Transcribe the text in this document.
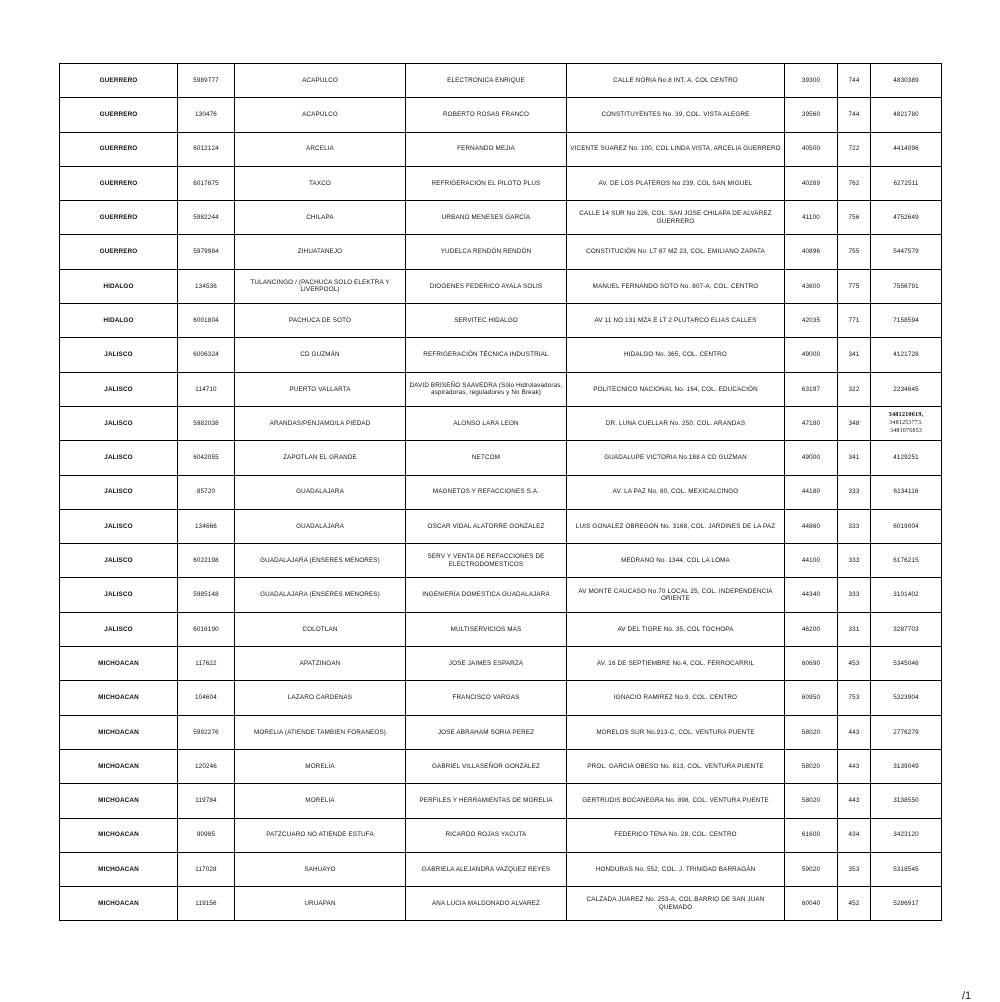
GUERRERO	5989777	ACAPULCO	ELECTRONICA ENRIQUE	CALLE NORIA No.8 INT. A, COL CENTRO	39300	744	4830389
GUERRERO	130476	ACAPULCO	ROBERTO ROSAS FRANCO	CONSTITUYENTES No. 39, COL. VISTA ALEGRE	39560	744	4821780
GUERRERO	6012124	ARCELIA	FERNANDO MEJIA	VICENTE SUAREZ No. 100, COL LINDA VISTA, ARCELIA GUERRERO	40500	722	4414096
GUERRERO	6017875	TAXCO	REFRIGERACIÓN EL PILOTO PLUS	AV. DE LOS PLATEROS No 239, COL SAN MIGUEL	40289	762	6272511
GUERRERO	5982244	CHILAPA	URBANO MENESES GARCÍA	CALLE 14 SUR No 226, COL. SAN JOSE CHILAPA DE ALVAREZ GUERRERO	41100	756	4752649
GUERRERO	5979984	ZIHUATANEJO	YUDELCA RENDÓN RENDÓN	CONSTITUCIÓN No. LT 87 MZ 23, COL. EMILIANO ZAPATA	40896	755	5447579
HIDALGO	134536	TULANCINGO / (PACHUCA SOLO ELEKTRA Y LIVERPOOL)	DIOGENES FEDERICO AYALA SOLIS	MANUEL FERNANDO SOTO No. 807-A, COL. CENTRO	43600	775	7556791
HIDALGO	6001804	PACHUCA DE SOTO	SERVITEC HIDALGO	AV 11 NO 131 MZA E LT 2 PLUTARCO ELIAS CALLES	42035	771	7158594
JALISCO	6006324	CD GUZMÁN	REFRIGERACIÓN TÉCNICA INDUSTRIAL	HIDALGO No. 365, COL. CENTRO	49000	341	4121728
JALISCO	114710	PUERTO VALLARTA	DAVID BRISEÑO SAAVEDRA (Sólo Hidrolavadoras, aspiradoras, reguladores y No Break)	POLITECNICO NACIONAL No. 164, COL. EDUCACIÓN	63197	322	2234645
JALISCO	5982038	ARANDAS/PENJAMO/LA PIEDAD	ALONSO LARA LEON	DR. LUNA CUELLAR No. 250, COL. ARANDAS	47180	348	3481210619, 3481253773. 3481076853
JALISCO	6042055	ZAPOTLAN EL GRANDE	NETCOM	GUADALUPE VICTORIA No.188 A CD GUZMAN	49000	341	4129251
JALISCO	85720	GUADALAJARA	MAGNETOS Y REFACCIONES S.A.	AV. LA PAZ No. 80, COL. MEXICALCINGO	44180	333	6134116
JALISCO	134666	GUADALAJARA	OSCAR VIDAL ALATORRE GONZALEZ	LUIS GONALEZ OBREGON No. 3168, COL. JARDINES DE LA PAZ	44860	333	6019004
JALISCO	6022198	GUADALAJARA (ENSERES MENORES)	SERV Y VENTA DE REFACCIONES DE ELECTRODOMESTICOS	MEDRANO No. 1344, COL LA LOMA	44100	333	6176215
JALISCO	5985148	GUADALAJARA (ENSERES MENORES)	INGENIERÍA DOMESTICA GUADALAJARA	AV MONTE CAUCASO No.70 LOCAL 25, COL. INDEPENDENCIA ORIENTE	44340	333	3101402
JALISCO	6016190	COLOTLAN	MULTISERVICIOS MAS	AV DEL TIGRE No. 35, COL TOCHOPA	46200	331	3287703
MICHOACAN	117622	APATZINGAN	JOSE JAIMES ESPARZA	AV. 16 DE SEPTIEMBRE No.4, COL. FERROCARRIL	60690	453	5345046
MICHOACAN	104604	LAZARO CARDENAS	FRANCISCO VARGAS	IGNACIO RAMIREZ No.9, COL. CENTRO	60950	753	5323904
MICHOACAN	5992276	MORELIA (ATIENDE TAMBIEN FORANEOS)	JOSE ABRAHAM SORIA PEREZ	MORELOS SUR No.913-C, COL. VENTURA PUENTE	58020	443	2776279
MICHOACAN	120246	MORELIA	GABRIEL VILLASEÑOR GONZALEZ	PROL. GARCIA OBESO No. 813, COL. VENTURA PUENTE	58020	443	3139049
MICHOACAN	119784	MORELIA	PERFILES Y HERRAMIENTAS DE MORELIA	GERTRUDIS BOCANEGRA No. 898, COL. VENTURA PUENTE	58020	443	3138550
MICHOACAN	90985	PATZCUARO NO ATIENDE ESTUFA	RICARDO ROJAS YACUTA	FEDERICO TENA No. 28, COL. CENTRO	61600	434	3423120
MICHOACAN	117028	SAHUAYO	GABRIELA ALEJANDRA VAZQUEZ REYES	HONDURAS No. 552, COL. J. TRINIDAD BARRAGÁN	59020	353	5318545
MICHOACAN	119156	URUAPAN	ANA LUCIA MALDONADO ALVAREZ	CALZADA JUAREZ No. 253-A, COL.BARRIO DE SAN JUAN QUEMADO	60040	452	5286917
/1
